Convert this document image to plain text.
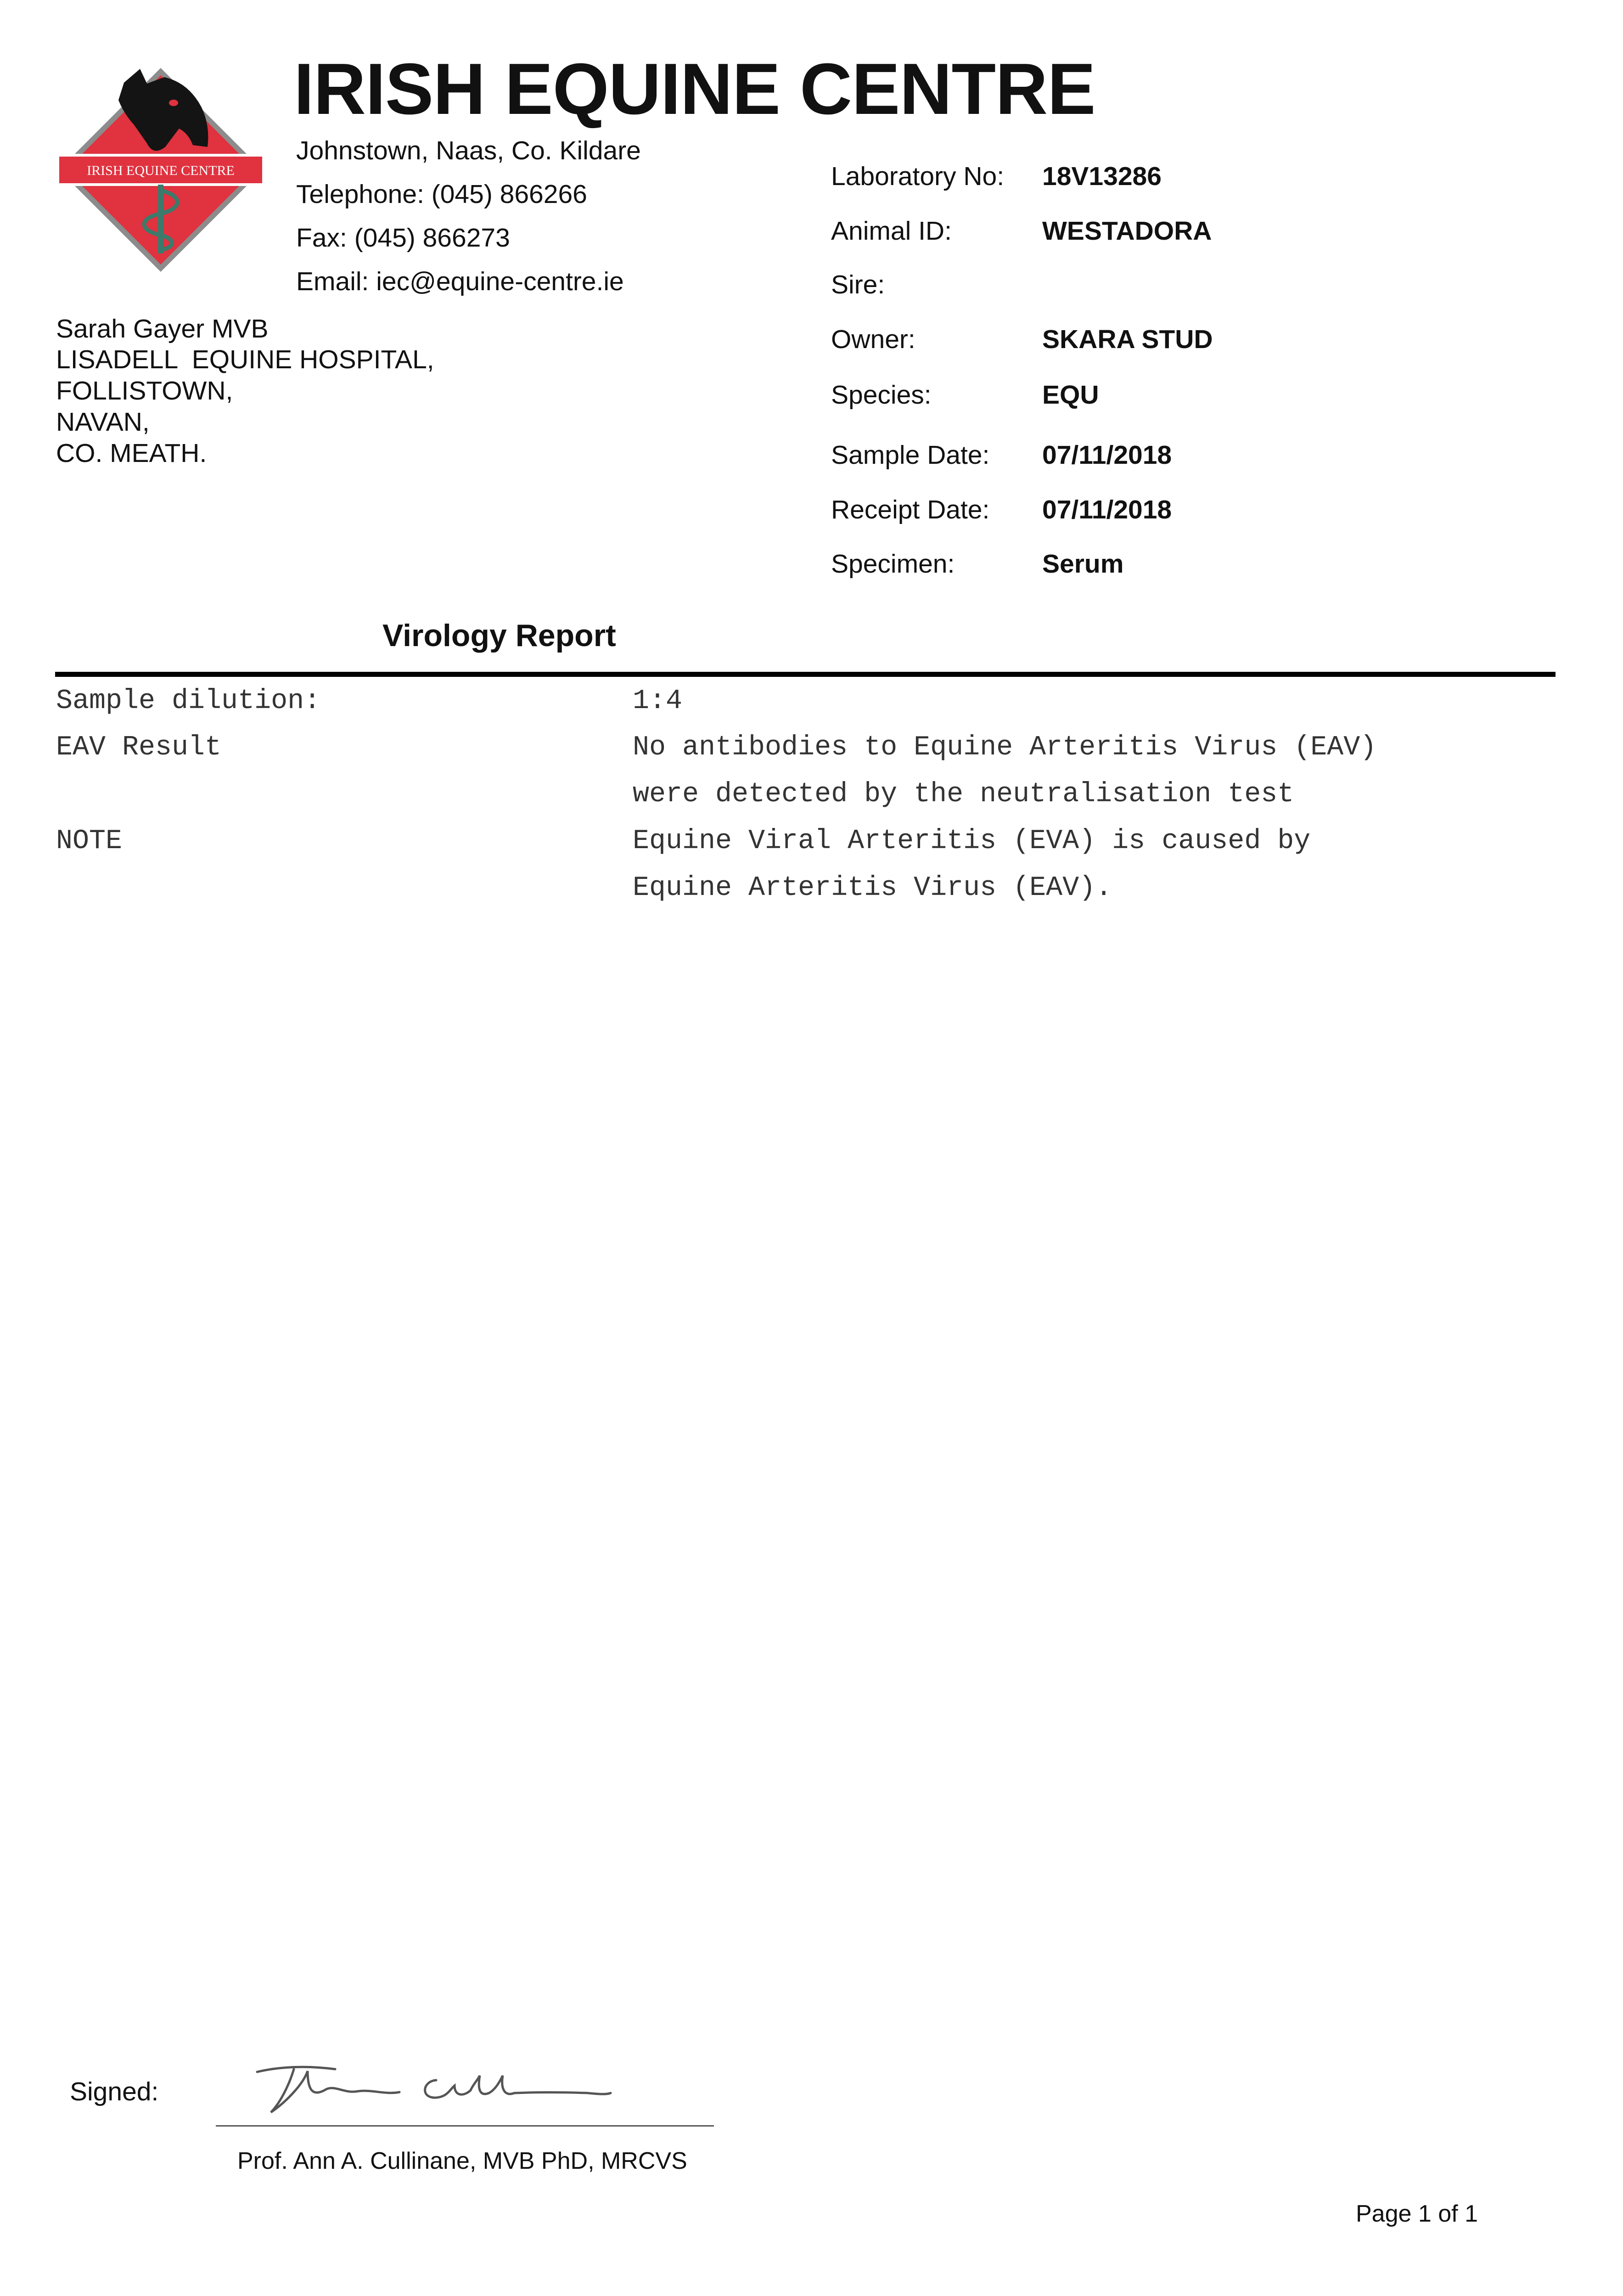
IRISH EQUINE CENTRE
IRISH EQUINE CENTRE
Johnstown, Naas, Co. Kildare
Telephone: (045) 866266
Fax: (045) 866273
Email: iec@equine-centre.ie
Sarah Gayer MVB
LISADELL  EQUINE HOSPITAL,
FOLLISTOWN,
NAVAN,
CO. MEATH.
Laboratory No: 18V13286
Animal ID:	WESTADORA
Sire:
Owner:	SKARA STUD
Species:	EQU
Sample Date: 07/11/2018
Receipt Date: 07/11/2018
Specimen:	Serum
Virology Report
Sample dilution:	1:4
EAV Result	No antibodies to Equine Arteritis Virus (EAV)
were detected by the neutralisation test
NOTE	Equine Viral Arteritis (EVA) is caused by
Equine Arteritis Virus (EAV).
Signed:
Prof. Ann A. Cullinane, MVB PhD, MRCVS
Page 1 of 1
